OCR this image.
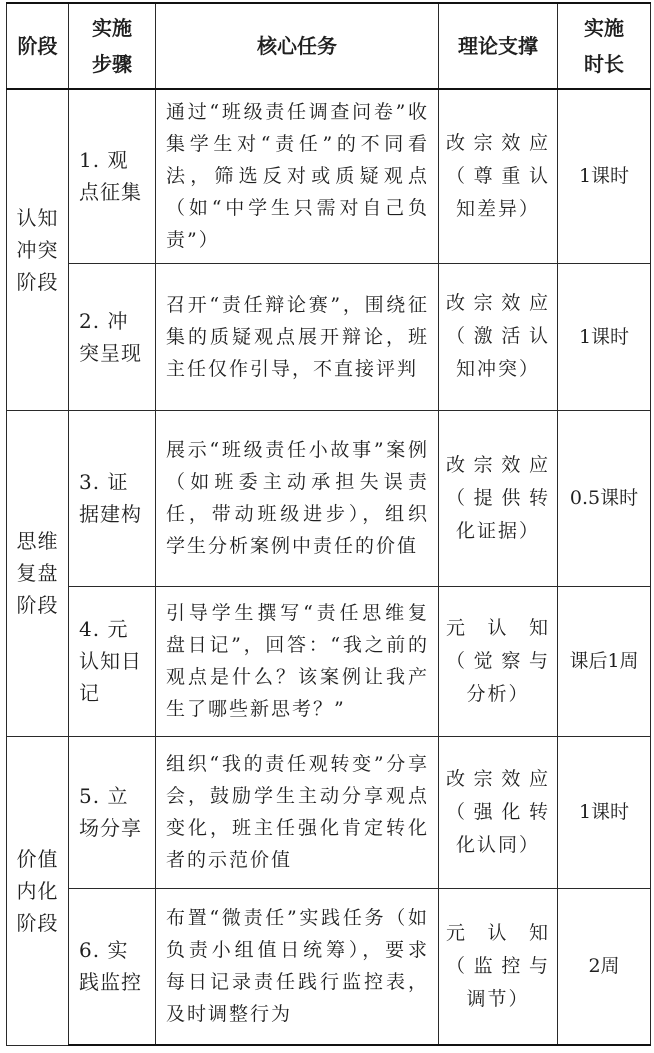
阶段	实施步骤	核心任务	理论支撑	实施时长

认知冲突阶段	1. 观点征集	通过“班级责任调查问卷”收集学生对“责任”的不同看法，筛选反对或质疑观点（如“中学生只需对自己负责”）	改宗效应（尊重认知差异）	1课时
	2. 冲突呈现	召开“责任辩论赛”，围绕征集的质疑观点展开辩论，班主任仅作引导，不直接评判	改宗效应（激活认知冲突）	1课时

思维复盘阶段	3. 证据建构	展示“班级责任小故事”案例（如班委主动承担失误责任，带动班级进步），组织学生分析案例中责任的价值	改宗效应（提供转化证据）	0.5课时
	4. 元认知日记	引导学生撰写“责任思维复盘日记”，回答：“我之前的观点是什么？该案例让我产生了哪些新思考？”	元认知（觉察与分析）	课后1周

价值内化阶段	5. 立场分享	组织“我的责任观转变”分享会，鼓励学生主动分享观点变化，班主任强化肯定转化者的示范价值	改宗效应（强化转化认同）	1课时
	6. 实践监控	布置“微责任”实践任务（如负责小组值日统筹），要求每日记录责任践行监控表，及时调整行为	元认知（监控与调节）	2周
